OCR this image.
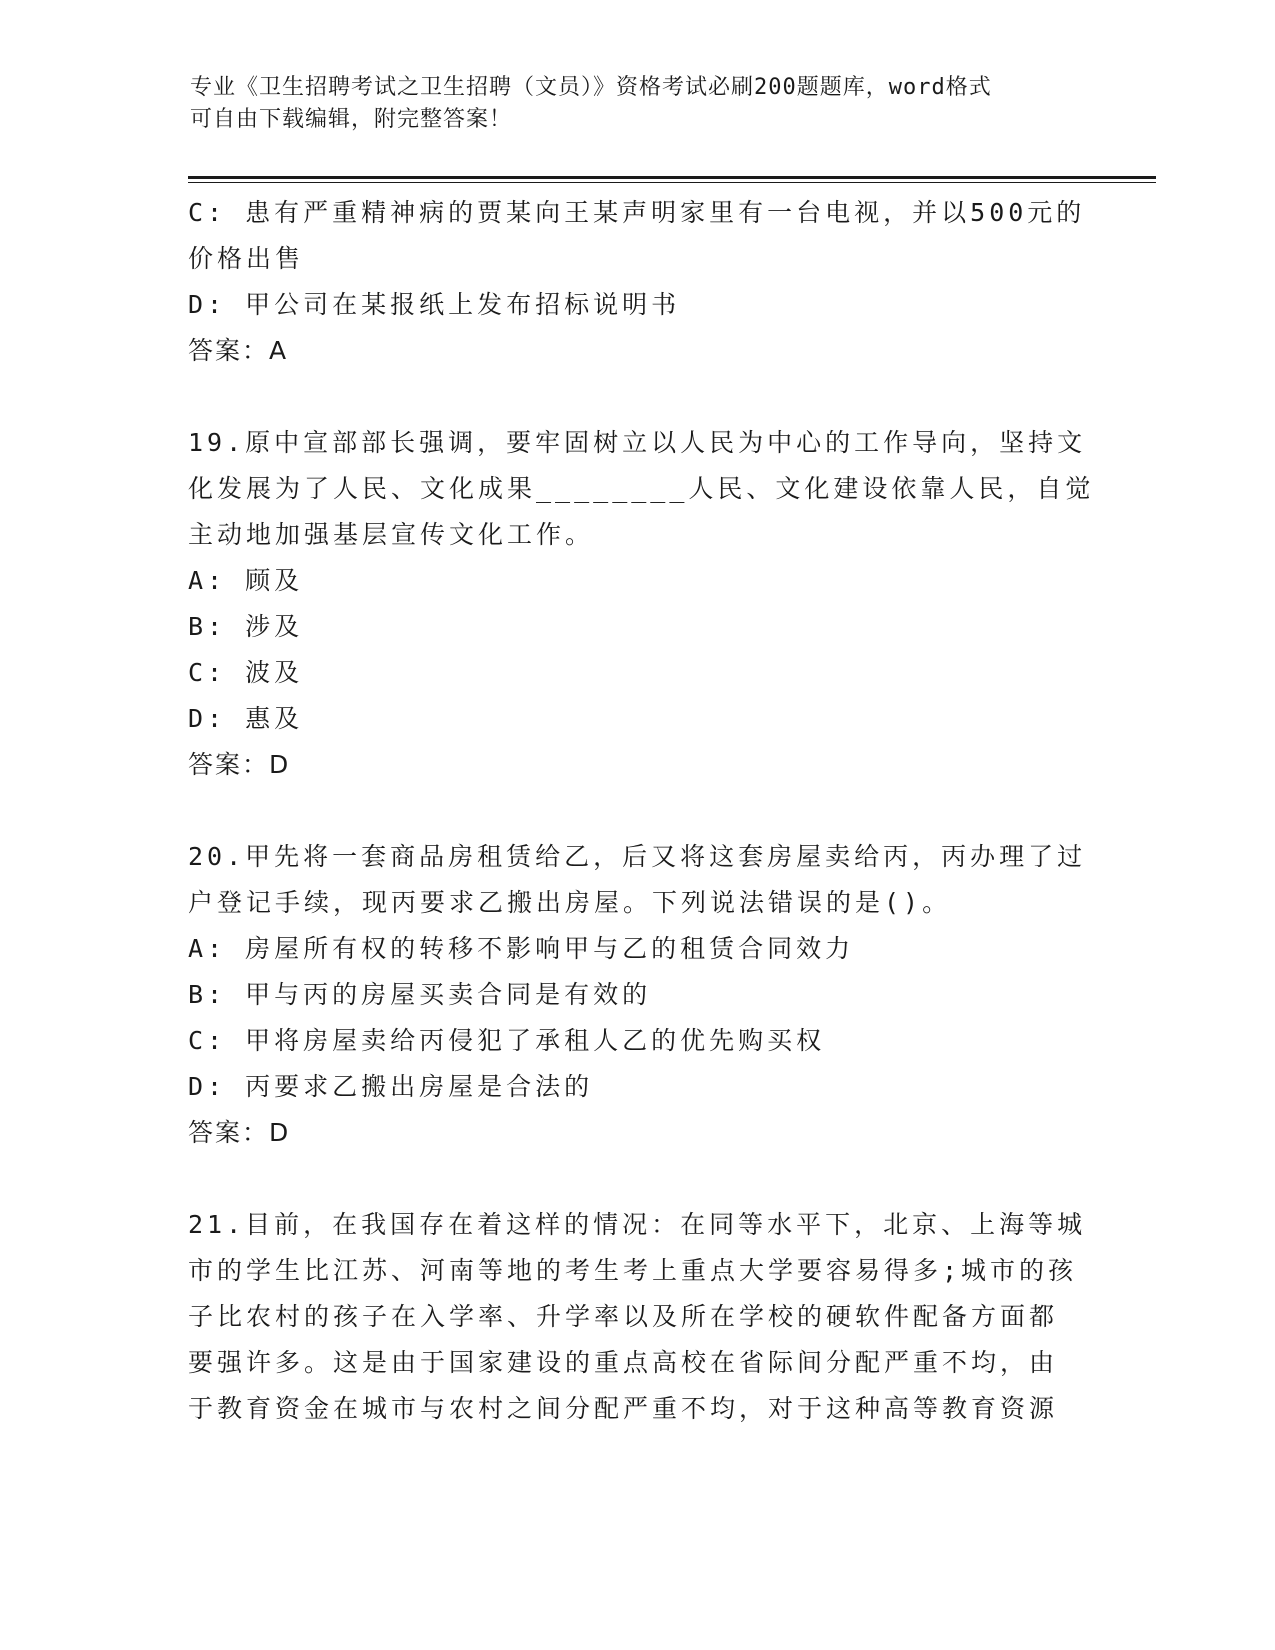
专业《卫生招聘考试之卫生招聘（文员）》资格考试必刷200题题库，word格式
可自由下载编辑，附完整答案！
C: 患有严重精神病的贾某向王某声明家里有一台电视，并以500元的
价格出售
D: 甲公司在某报纸上发布招标说明书
答案：A
19.原中宣部部长强调，要牢固树立以人民为中心的工作导向，坚持文
化发展为了人民、文化成果________人民、文化建设依靠人民，自觉
主动地加强基层宣传文化工作。
A: 顾及
B: 涉及
C: 波及
D: 惠及
答案：D
20.甲先将一套商品房租赁给乙，后又将这套房屋卖给丙，丙办理了过
户登记手续，现丙要求乙搬出房屋。下列说法错误的是()。
A: 房屋所有权的转移不影响甲与乙的租赁合同效力
B: 甲与丙的房屋买卖合同是有效的
C: 甲将房屋卖给丙侵犯了承租人乙的优先购买权
D: 丙要求乙搬出房屋是合法的
答案：D
21.目前，在我国存在着这样的情况：在同等水平下，北京、上海等城
市的学生比江苏、河南等地的考生考上重点大学要容易得多;城市的孩
子比农村的孩子在入学率、升学率以及所在学校的硬软件配备方面都
要强许多。这是由于国家建设的重点高校在省际间分配严重不均，由
于教育资金在城市与农村之间分配严重不均，对于这种高等教育资源
